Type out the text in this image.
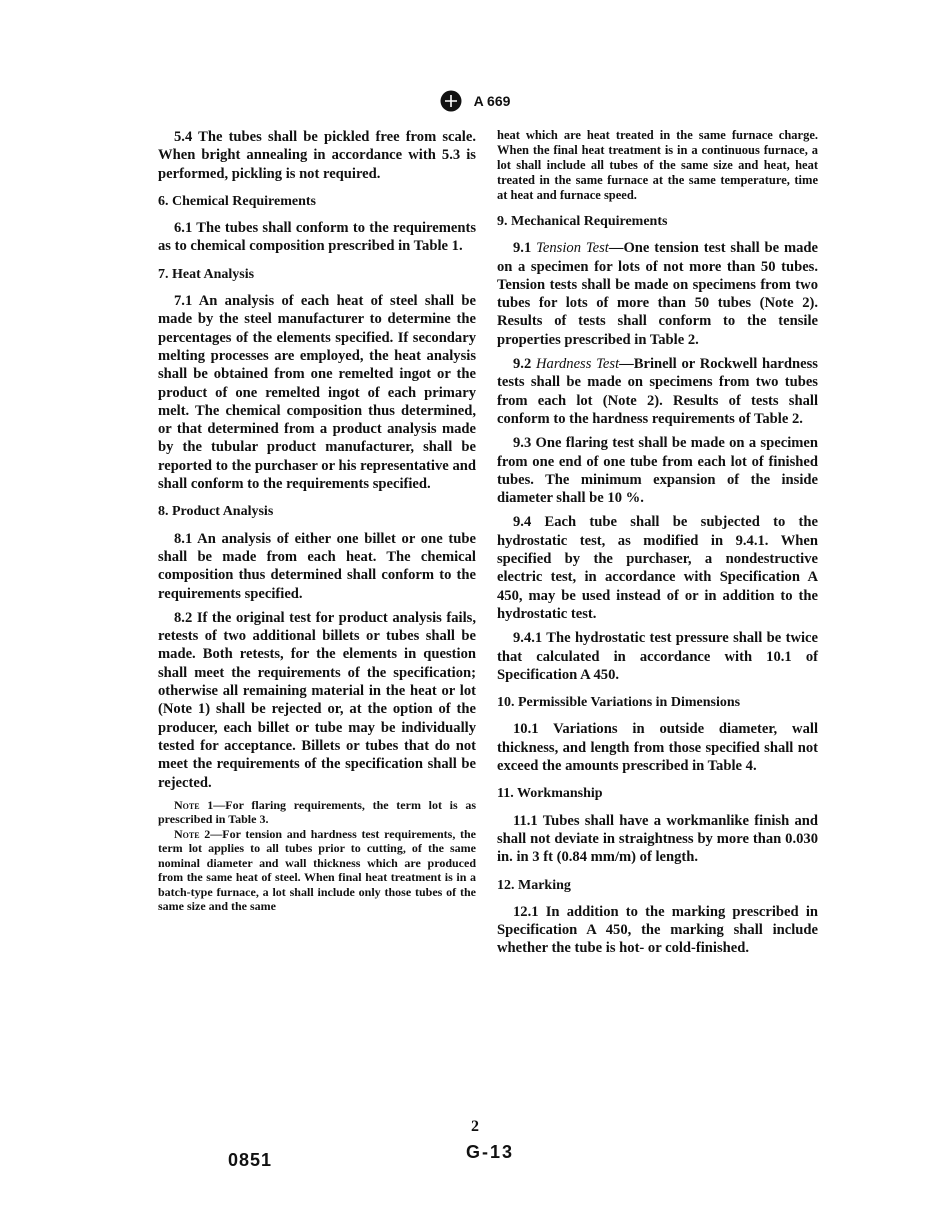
A 669

5.4 The tubes shall be pickled free from scale. When bright annealing in accordance with 5.3 is performed, pickling is not required.

6. Chemical Requirements

6.1 The tubes shall conform to the requirements as to chemical composition prescribed in Table 1.

7. Heat Analysis

7.1 An analysis of each heat of steel shall be made by the steel manufacturer to determine the percentages of the elements specified. If secondary melting processes are employed, the heat analysis shall be obtained from one remelted ingot or the product of one remelted ingot of each primary melt. The chemical composition thus determined, or that determined from a product analysis made by the tubular product manufacturer, shall be reported to the purchaser or his representative and shall conform to the requirements specified.

8. Product Analysis

8.1 An analysis of either one billet or one tube shall be made from each heat. The chemical composition thus determined shall conform to the requirements specified.

8.2 If the original test for product analysis fails, retests of two additional billets or tubes shall be made. Both retests, for the elements in question shall meet the requirements of the specification; otherwise all remaining material in the heat or lot (Note 1) shall be rejected or, at the option of the producer, each billet or tube may be individually tested for acceptance. Billets or tubes that do not meet the requirements of the specification shall be rejected.

Note 1—For flaring requirements, the term lot is as prescribed in Table 3.

Note 2—For tension and hardness test requirements, the term lot applies to all tubes prior to cutting, of the same nominal diameter and wall thickness which are produced from the same heat of steel. When final heat treatment is in a batch-type furnace, a lot shall include only those tubes of the same size and the same

heat which are heat treated in the same furnace charge. When the final heat treatment is in a continuous furnace, a lot shall include all tubes of the same size and heat, heat treated in the same furnace at the same temperature, time at heat and furnace speed.

9. Mechanical Requirements

9.1 Tension Test—One tension test shall be made on a specimen for lots of not more than 50 tubes. Tension tests shall be made on specimens from two tubes for lots of more than 50 tubes (Note 2). Results of tests shall conform to the tensile properties prescribed in Table 2.

9.2 Hardness Test—Brinell or Rockwell hardness tests shall be made on specimens from two tubes from each lot (Note 2). Results of tests shall conform to the hardness requirements of Table 2.

9.3 One flaring test shall be made on a specimen from one end of one tube from each lot of finished tubes. The minimum expansion of the inside diameter shall be 10 %.

9.4 Each tube shall be subjected to the hydrostatic test, as modified in 9.4.1. When specified by the purchaser, a nondestructive electric test, in accordance with Specification A 450, may be used instead of or in addition to the hydrostatic test.

9.4.1 The hydrostatic test pressure shall be twice that calculated in accordance with 10.1 of Specification A 450.

10. Permissible Variations in Dimensions

10.1 Variations in outside diameter, wall thickness, and length from those specified shall not exceed the amounts prescribed in Table 4.

11. Workmanship

11.1 Tubes shall have a workmanlike finish and shall not deviate in straightness by more than 0.030 in. in 3 ft (0.84 mm/m) of length.

12. Marking

12.1 In addition to the marking prescribed in Specification A 450, the marking shall include whether the tube is hot- or cold-finished.

2
0851	G-13
